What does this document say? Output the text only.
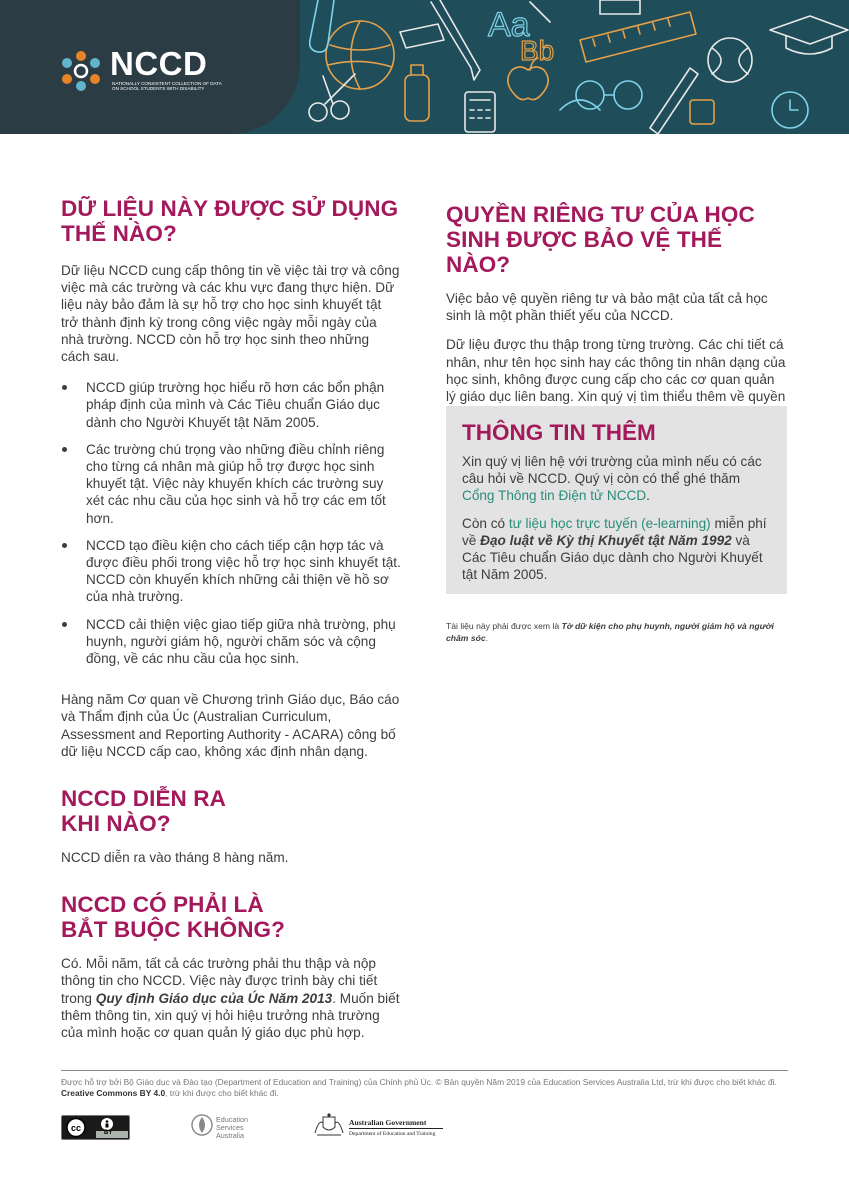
Aa
Bb
NCCD
NATIONALLY CONSISTENT COLLECTION OF DATA ON SCHOOL STUDENTS WITH DISABILITY
DỮ LIỆU NÀY ĐƯỢC SỬ DỤNG THẾ NÀO?

Dữ liệu NCCD cung cấp thông tin về việc tài trợ và công việc mà các trường và các khu vực đang thực hiện. Dữ liệu này bảo đảm là sự hỗ trợ cho học sinh khuyết tật trở thành định kỳ trong công việc ngày mỗi ngày của nhà trường. NCCD còn hỗ trợ học sinh theo những cách sau.

NCCD giúp trường học hiểu rõ hơn các bổn phận pháp định của mình và Các Tiêu chuẩn Giáo dục dành cho Người Khuyết tật Năm 2005.
Các trường chú trọng vào những điều chỉnh riêng cho từng cá nhân mà giúp hỗ trợ được học sinh khuyết tật. Việc này khuyến khích các trường suy xét các nhu cầu của học sinh và hỗ trợ các em tốt hơn.
NCCD tạo điều kiện cho cách tiếp cận hợp tác và được điều phối trong việc hỗ trợ học sinh khuyết tật. NCCD còn khuyến khích những cải thiện về hồ sơ của nhà trường.
NCCD cải thiện việc giao tiếp giữa nhà trường, phụ huynh, người giám hộ, người chăm sóc và cộng đồng, về các nhu cầu của học sinh.

Hàng năm Cơ quan về Chương trình Giáo dục, Báo cáo và Thẩm định của Úc (Australian Curriculum, Assessment and Reporting Authority - ACARA) công bố dữ liệu NCCD cấp cao, không xác định nhân dạng.

NCCD DIỄN RA
KHI NÀO?

NCCD diễn ra vào tháng 8 hàng năm.

NCCD CÓ PHẢI LÀ
BẮT BUỘC KHÔNG?

Có. Mỗi năm, tất cả các trường phải thu thập và nộp thông tin cho NCCD. Việc này được trình bày chi tiết trong Quy định Giáo dục của Úc Năm 2013. Muốn biết thêm thông tin, xin quý vị hỏi hiệu trưởng nhà trường của mình hoặc cơ quan quản lý giáo dục phù hợp.

QUYỀN RIÊNG TƯ CỦA HỌC SINH ĐƯỢC BẢO VỆ THẾ NÀO?

Việc bảo vệ quyền riêng tư và bảo mật của tất cả học sinh là một phần thiết yếu của NCCD.

Dữ liệu được thu thập trong từng trường. Các chi tiết cá nhân, như tên học sinh hay các thông tin nhân dạng của học sinh, không được cung cấp cho các cơ quan quản lý giáo dục liên bang. Xin quý vị tìm thiểu thêm về quyền

THÔNG TIN THÊM

Xin quý vị liên hệ với trường của mình nếu có các câu hỏi về NCCD. Quý vị còn có thể ghé thăm Cổng Thông tin Điện tử NCCD.

Còn có tư liệu học trực tuyến (e-learning) miễn phí về Đạo luật về Kỳ thị Khuyết tật Năm 1992 và Các Tiêu chuẩn Giáo dục dành cho Người Khuyết tật Năm 2005.

Tài liệu này phải được xem là Tờ dữ kiện cho phụ huynh, người giám hộ và người chăm sóc.
Được hỗ trợ bởi Bộ Giáo dục và Đào tạo (Department of Education and Training) của Chính phủ Úc. © Bản quyền Năm 2019 của Education Services Australia Ltd, trừ khi được cho biết khác đi.
Creative Commons BY 4.0, trừ khi được cho biết khác đi.
cc	BY
Education Services Australia
Australian Government
Department of Education and Training
